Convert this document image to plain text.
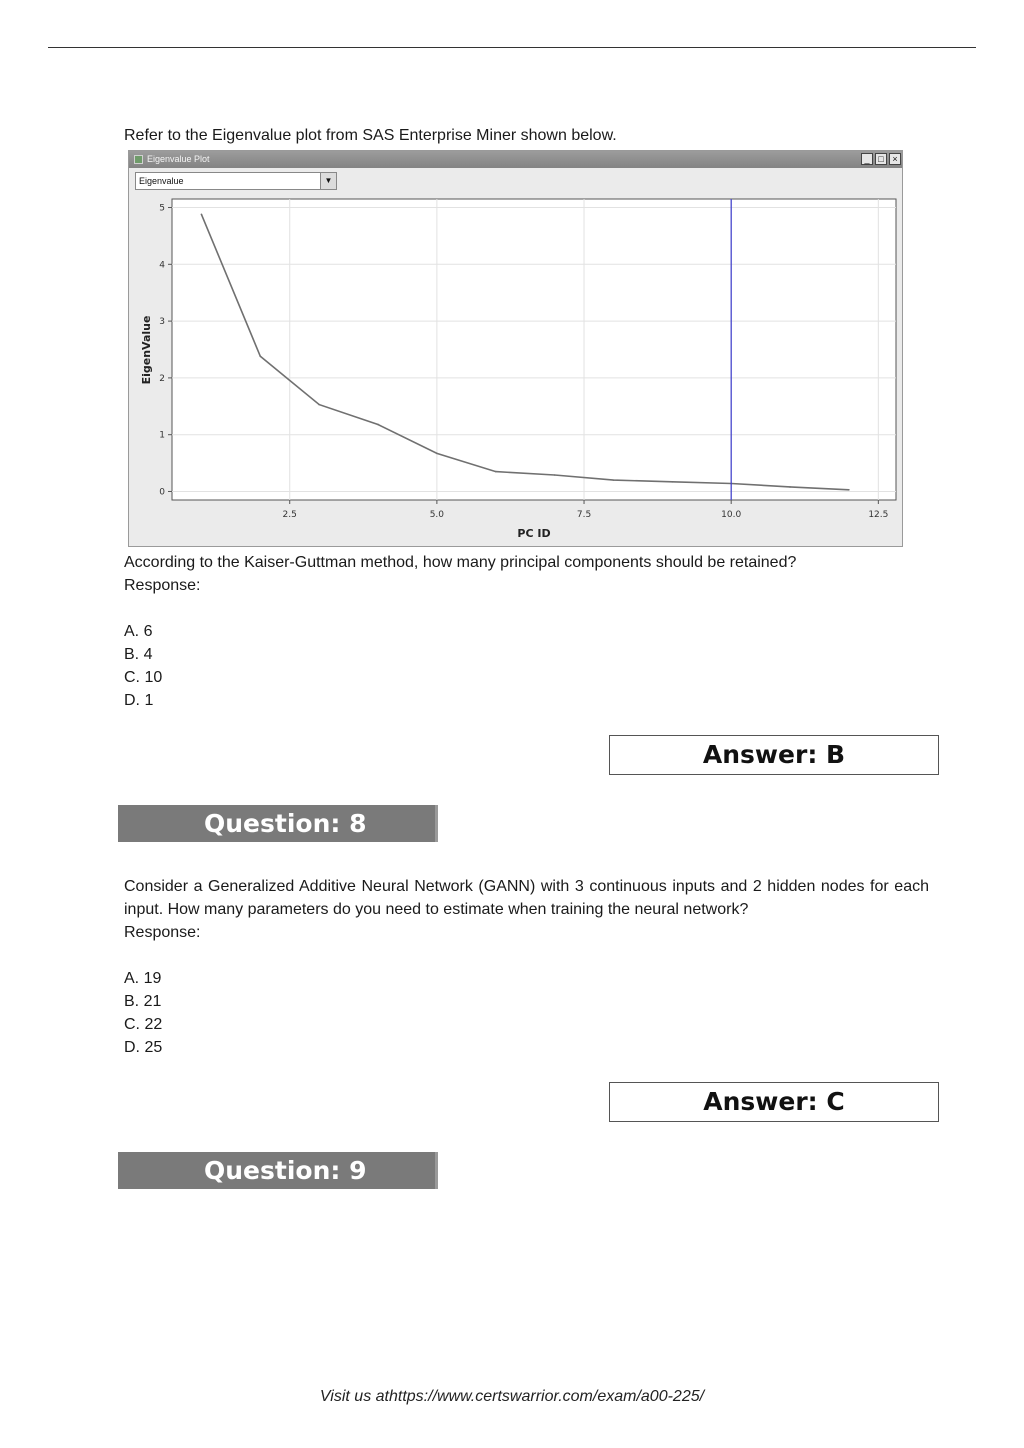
Refer to the Eigenvalue plot from SAS Enterprise Miner shown below.
Eigenvalue Plot	_ □ ×
Eigenvalue	▼
2.5	5.0	7.5	10.0	12.5
0
1
2
3
4
5
EigenValue
PC ID
According to the Kaiser-Guttman method, how many principal components should be retained?
Response:
A. 6
B. 4
C. 10
D. 1
Answer: B
Question: 8
Consider a Generalized Additive Neural Network (GANN) with 3 continuous inputs and 2 hidden nodes for each input. How many parameters do you need to estimate when training the neural network?
Response:
A. 19
B. 21
C. 22
D. 25
Answer: C
Question: 9
Visit us athttps://www.certswarrior.com/exam/a00-225/
